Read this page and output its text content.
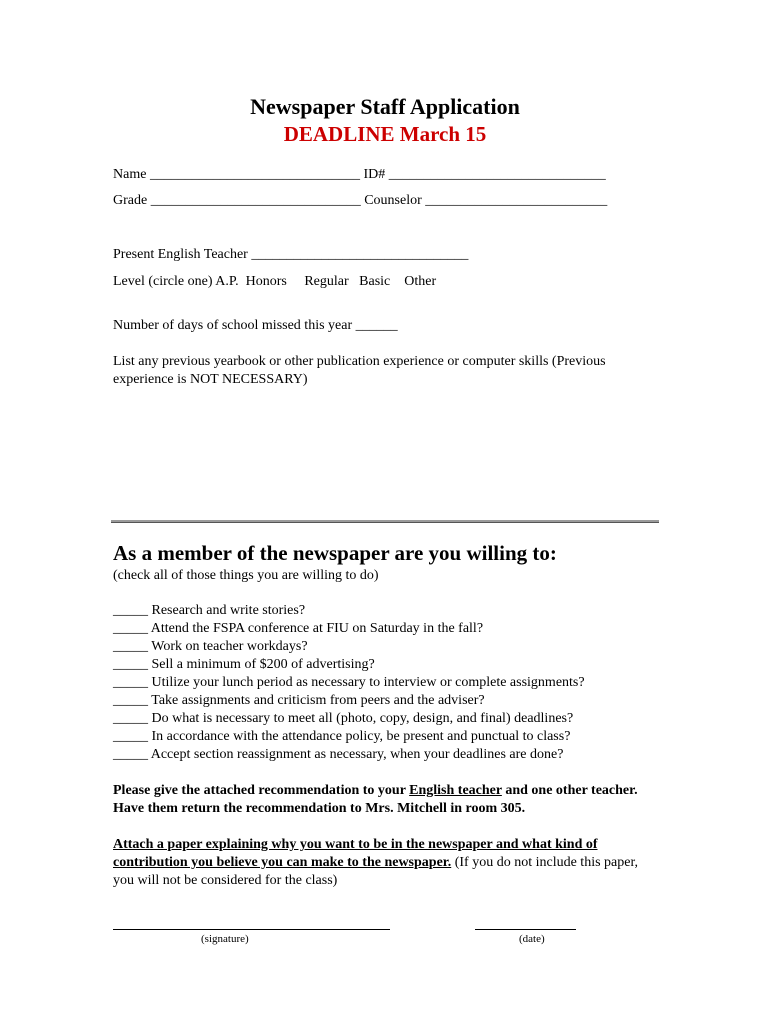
Newspaper Staff Application
DEADLINE March 15
Name ______________________________ ID# _______________________________
Grade ______________________________ Counselor __________________________
Present English Teacher _______________________________
Level (circle one) A.P. Honors Regular Basic Other
Number of days of school missed this year ______
List any previous yearbook or other publication experience or computer skills (Previous experience is NOT NECESSARY)
As a member of the newspaper are you willing to:
(check all of those things you are willing to do)
_____ Research and write stories?
_____ Attend the FSPA conference at FIU on Saturday in the fall?
_____ Work on teacher workdays?
_____ Sell a minimum of $200 of advertising?
_____ Utilize your lunch period as necessary to interview or complete assignments?
_____ Take assignments and criticism from peers and the adviser?
_____ Do what is necessary to meet all (photo, copy, design, and final) deadlines?
_____ In accordance with the attendance policy, be present and punctual to class?
_____ Accept section reassignment as necessary, when your deadlines are done?
Please give the attached recommendation to your English teacher and one other teacher. Have them return the recommendation to Mrs. Mitchell in room 305.
Attach a paper explaining why you want to be in the newspaper and what kind of contribution you believe you can make to the newspaper. (If you do not include this paper, you will not be considered for the class)
(signature)	(date)
